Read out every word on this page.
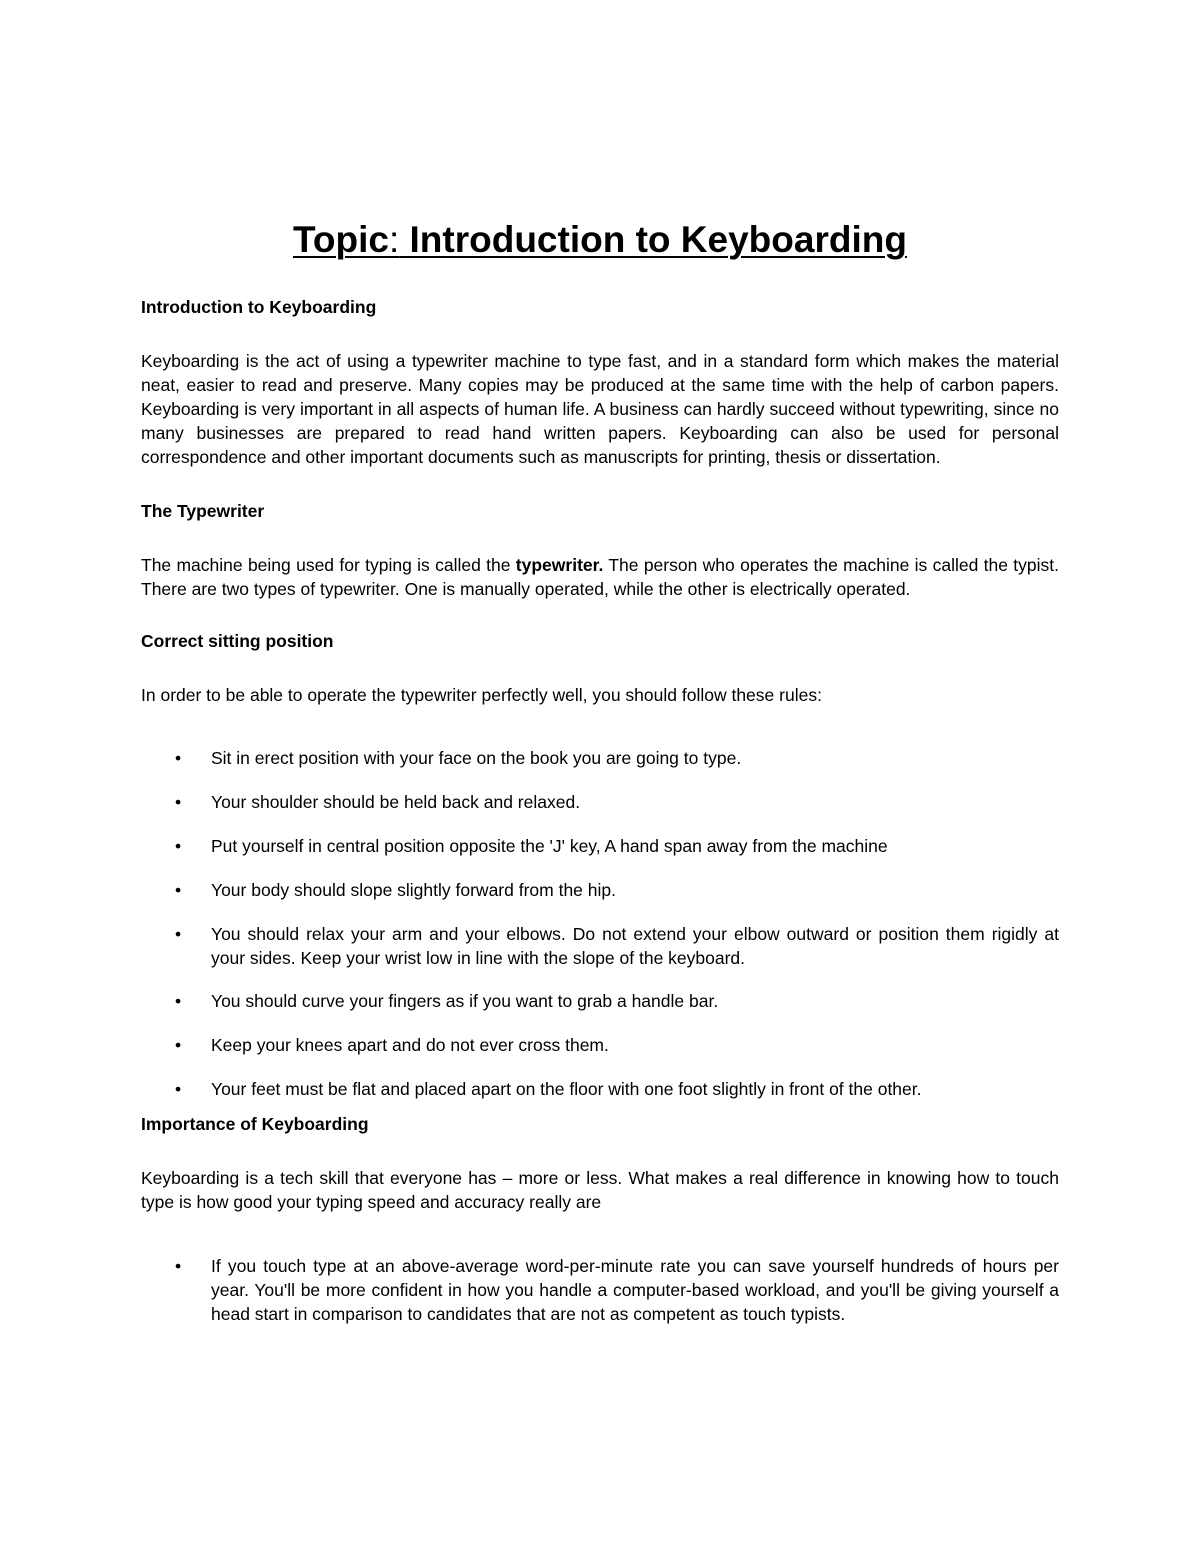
Topic: Introduction to Keyboarding

Introduction to Keyboarding

Keyboarding is the act of using a typewriter machine to type fast, and in a standard form which makes the material neat, easier to read and preserve. Many copies may be produced at the same time with the help of carbon papers. Keyboarding is very important in all aspects of human life. A business can hardly succeed without typewriting, since no many businesses are prepared to read hand written papers. Keyboarding can also be used for personal correspondence and other important documents such as manuscripts for printing, thesis or dissertation.

The Typewriter

The machine being used for typing is called the typewriter. The person who operates the machine is called the typist. There are two types of typewriter. One is manually operated, while the other is electrically operated.

Correct sitting position

In order to be able to operate the typewriter perfectly well, you should follow these rules:

• Sit in erect position with your face on the book you are going to type.
• Your shoulder should be held back and relaxed.
• Put yourself in central position opposite the 'J' key, A hand span away from the machine
• Your body should slope slightly forward from the hip.
• You should relax your arm and your elbows. Do not extend your elbow outward or position them rigidly at your sides. Keep your wrist low in line with the slope of the keyboard.
• You should curve your fingers as if you want to grab a handle bar.
• Keep your knees apart and do not ever cross them.
• Your feet must be flat and placed apart on the floor with one foot slightly in front of the other.

Importance of Keyboarding

Keyboarding is a tech skill that everyone has – more or less. What makes a real difference in knowing how to touch type is how good your typing speed and accuracy really are

• If you touch type at an above-average word-per-minute rate you can save yourself hundreds of hours per year. You'll be more confident in how you handle a computer-based workload, and you'll be giving yourself a head start in comparison to candidates that are not as competent as touch typists.
